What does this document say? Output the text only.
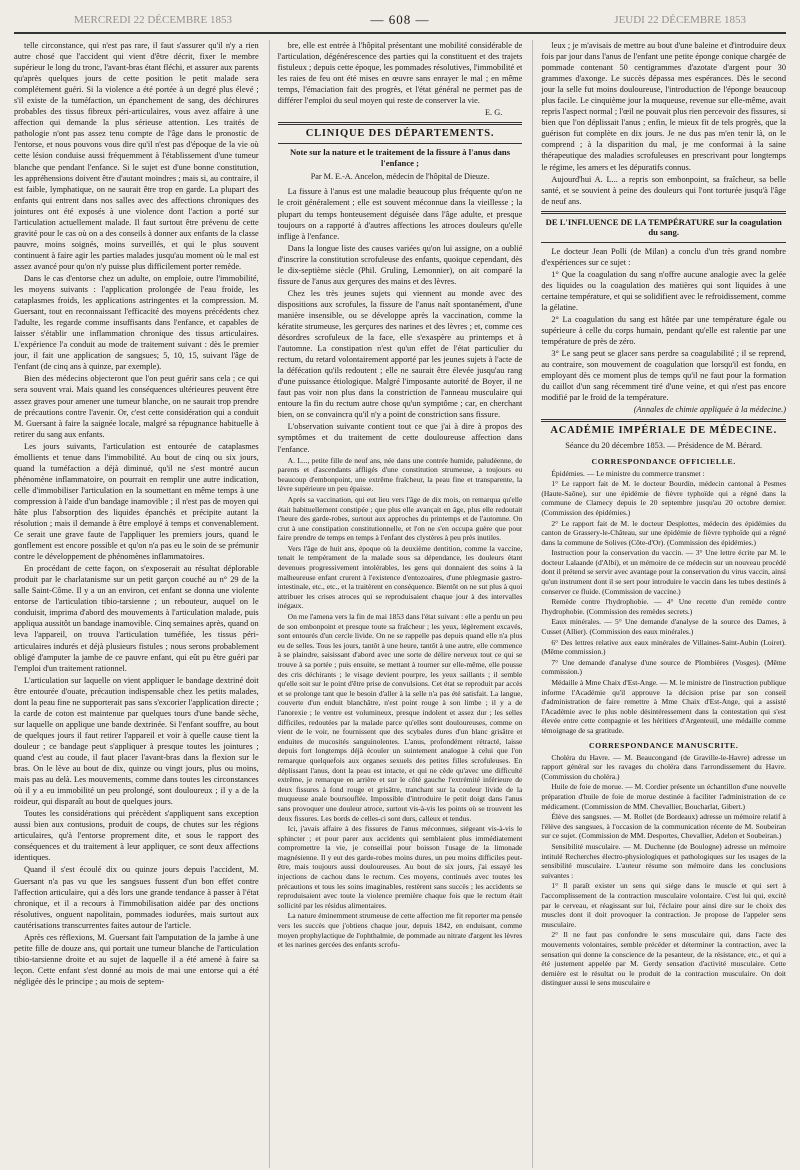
MERCREDI 22 DÉCEMBRE 1853	— 608 —	JEUDI 22 DÉCEMBRE 1853

telle circonstance, qui n'est pas rare, il faut s'assurer qu'il n'y a rien autre chosé que l'accident qui vient d'être décrit, fixer le membre supérieur le long du tronc, l'avant-bras étant fléchi, et assurer aux parents qu'après quelques jours de cette position le petit malade sera complétement guéri. Si la violence a été portée à un degré plus élevé ; s'il existe de la tuméfaction, un épanchement de sang, des déchirures probables des tissus fibreux péri-articulaires, vous avez affaire à une affection qui demande la plus sérieuse attention. Les traités de pathologie n'ont pas assez tenu compte de l'âge dans le pronostic de l'entorse, et nous pouvons vous dire qu'il n'est pas d'époque de la vie où cette lésion conduise aussi fréquemment à l'établissement d'une tumeur blanche que pendant l'enfance. Si le sujet est d'une bonne constitution, les appréhensions doivent être d'autant moindres ; mais si, au contraire, il est faible, lymphatique, on ne saurait être trop en garde. La plupart des enfants qui entrent dans nos salles avec des affections chroniques des jointures ont été exposés à une violence dont l'action a porté sur l'articulation actuellement malade. Il faut surtout être prévenu de cette gravité pour le cas où on a des conseils à donner aux enfants de la classe pauvre, moins soignés, moins surveillés, et qui le plus souvent continuent à faire agir les parties malades jusqu'au moment où le mal est assez avancé pour qu'on n'y puisse plus difficilement porter remède.

Dans le cas d'entorse chez un adulte, on emploie, outre l'immobilité, les moyens suivants : l'application prolongée de l'eau froide, les cataplasmes froids, les applications astringentes et la compression. M. Guersant, tout en reconnaissant l'efficacité des moyens précédents chez l'adulte, les regarde comme insuffisants dans l'enfance, et capables de laisser s'établir une inflammation chronique des tissus articulaires. L'expérience l'a conduit au mode de traitement suivant : dès le premier jour, il fait une application de sangsues; 5, 10, 15, suivant l'âge de l'enfant (de cinq ans à quinze, par exemple).

Bien des médecins objecteront que l'on peut guérir sans cela ; ce qui sera souvent vrai. Mais quand les conséquences ultérieures peuvent être assez graves pour amener une tumeur blanche, on ne saurait trop prendre de précautions contre l'avenir. Or, c'est cette considération qui a conduit M. Guersant à faire la saignée locale, malgré sa répugnance habituelle à retirer du sang aux enfants.

Les jours suivants, l'articulation est entourée de cataplasmes émollients et tenue dans l'immobilité. Au bout de cinq ou six jours, quand la tuméfaction a déjà diminué, qu'il ne s'est montré aucun phénomène inflammatoire, on pourrait en remplir une autre indication, celle d'immobiliser l'articulation en la soumettant en même temps à une compression à l'aide d'un bandage inamovible ; il n'est pas de moyen qui hâte plus l'absorption des liquides épanchés et précipite autant la résolution ; mais il demande à être employé à temps et convenablement. Ce serait une grave faute de l'appliquer les premiers jours, quand le gonflement est encore possible et qu'on n'a pas eu le soin de se prémunir contre le développement de phénomènes inflammatoires.

En procédant de cette façon, on s'exposerait au résultat déplorable produit par le charlatanisme sur un petit garçon couché au n° 29 de la salle Saint-Côme. Il y a un an environ, cet enfant se donna une violente entorse de l'articulation tibio-tarsienne ; un rebouteur, auquel on le conduisit, imprima d'abord des mouvements à l'articulation malade, puis appliqua aussitôt un bandage inamovible. Cinq semaines après, quand on leva l'appareil, on trouva l'articulation tuméfiée, les tissus péri-articulaires indurés et déjà plusieurs fistules ; nous serons probablement obligé d'amputer la jambe de ce pauvre enfant, qui eût pu être guéri par l'emploi d'un traitement rationnel.

L'articulation sur laquelle on vient appliquer le bandage dextriné doit être entourée d'ouate, précaution indispensable chez les petits malades, dont la peau fine ne supporterait pas sans s'excorier l'application directe ; la carde de coton est maintenue par quelques tours d'une bande sèche, sur laquelle on applique une bande dextrinée. Si l'enfant souffre, au bout de quelques jours il faut retirer l'appareil et voir à quelle cause tient la douleur ; ce bandage peut s'appliquer à presque toutes les jointures ; quand c'est au coude, il faut placer l'avant-bras dans la flexion sur le bras. On le lève au bout de dix, quinze ou vingt jours, plus ou moins, mais pas au delà. Les mouvements, comme dans toutes les circonstances où il y a eu immobilité un peu prolongé, sont douloureux ; il y a de la roideur, qui disparaît au bout de quelques jours.

Toutes les considérations qui précèdent s'appliquent sans exception aussi bien aux contusions, produit de coups, de chutes sur les régions articulaires, qu'à l'entorse proprement dite, et sous le rapport des conséquences et du traitement à leur appliquer, ce sont deux affections identiques.

Quand il s'est écoulé dix ou quinze jours depuis l'accident, M. Guersant n'a pas vu que les sangsues fussent d'un bon effet contre l'affection articulaire, qui a dès lors une grande tendance à passer à l'état chronique, et il a recours à l'immobilisation aidée par des onctions résolutives, onguent napolitain, pommades iodurées, mais surtout aux cautérisations transcurrentes faites autour de l'article.

Après ces réflexions, M. Guersant fait l'amputation de la jambe à une petite fille de douze ans, qui portait une tumeur blanche de l'articulation tibio-tarsienne droite et au sujet de laquelle il a été amené à faire sa leçon. Cette enfant s'est donné au mois de mai une entorse qui a été négligée dès le principe ; au mois de septem-

bre, elle est entrée à l'hôpital présentant une mobilité considérable de l'articulation, dégénérescence des parties qui la constituent et des trajets fistuleux ; depuis cette époque, les pommades résolutives, l'immobilité et les raies de feu ont été mises en œuvre sans enrayer le mal ; en même temps, l'émaciation fait des progrès, et l'état général ne permet pas de différer l'emploi du seul moyen qui reste de conserver la vie.

E. G.
CLINIQUE DES DÉPARTEMENTS.
Note sur la nature et le traitement de la fissure à l'anus dans l'enfance ;
Par M. E.-A. Ancelon, médecin de l'hôpital de Dieuze.

La fissure à l'anus est une maladie beaucoup plus fréquente qu'on ne le croit généralement ; elle est souvent méconnue dans la vieillesse ; la plupart du temps honteusement déguisée dans l'âge adulte, et presque toujours on a rapporté à d'autres affections les atroces douleurs qu'elle inflige à l'enfance.

Dans la longue liste des causes variées qu'on lui assigne, on a oublié d'inscrire la constitution scrofuleuse des enfants, quoique cependant, dès le dix-septième siècle (Phil. Gruling, Lemonnier), on ait comparé la fissure de l'anus aux gerçures des mains et des lèvres.

Chez les très jeunes sujets qui viennent au monde avec des dispositions aux scrofules, la fissure de l'anus naît spontanément, d'une manière insensible, ou se développe après la vaccination, comme la kératite strumeuse, les gerçures des narines et des lèvres ; et, comme ces désordres scrofuleux de la face, elle s'exaspère au printemps et à l'automne. La constipation n'est qu'un effet de l'état particulier du rectum, du retard volontairement apporté par les jeunes sujets à l'acte de la défécation qu'ils redoutent ; elle ne saurait être élevée jusqu'au rang d'une puissance étiologique. Malgré l'imposante autorité de Boyer, il ne faut pas voir non plus dans la constriction de l'anneau musculaire qui entoure la fin du rectum autre chose qu'un symptôme ; car, en cherchant bien, on se convaincra qu'il n'y a point de constriction sans fissure.

L'observation suivante contient tout ce que j'ai à dire à propos des symptômes et du traitement de cette douloureuse affection dans l'enfance.

A. L..., petite fille de neuf ans, née dans une contrée humide, paludéenne, de parents et d'ascendants affligés d'une constitution strumeuse, a toujours eu beaucoup d'embonpoint, une extrême fraîcheur, la peau fine et transparente, la lèvre supérieure un peu épaisse.

Après sa vaccination, qui eut lieu vers l'âge de dix mois, on remarqua qu'elle était habituellement constipée ; que plus elle avançait en âge, plus elle redoutait l'heure des garde-robes, surtout aux approches du printemps et de l'automne. On crut à une constipation constitutionnelle, et l'on ne s'en occupa guère que pour faire prendre de temps en temps à l'enfant des clystères à peu près inutiles.

Vers l'âge de huit ans, époque où la deuxième dentition, comme la vaccine, tenait le tempérament de la malade sous sa dépendance, les douleurs étant devenues progressivement intolérables, les gens qui donnaient des soins à la malheureuse enfant crurent à l'existence d'entozoaires, d'une phlegmasie gastro-intestinale, etc., etc., et la traitèrent en conséquence. Bientôt on ne sut plus à quoi attribuer les crises atroces qui se reproduisaient chaque jour à des intervalles inégaux.

On me l'amena vers la fin de mai 1853 dans l'état suivant : elle a perdu un peu de son embonpoint et presque toute sa fraîcheur ; les yeux, légèrement excavés, sont entourés d'un cercle livide. On ne se rappelle pas depuis quand elle n'a plus eu de selles. Tous les jours, tantôt à une heure, tantôt à une autre, elle commence à se plaindre, saisissant d'abord avec une sorte de délire nerveux tout ce qui se trouve à sa portée ; puis ensuite, se mettant à tourner sur elle-même, elle pousse des cris déchirants ; le visage devient pourpre, les yeux saillants ; il semble qu'elle soit sur le point d'être prise de convulsions. Cet état se reproduit par accès et se prolonge tant que le besoin d'aller à la selle n'a pas été satisfait. La langue, couverte d'un enduit blanchâtre, n'est point rouge à son limbe ; il y a de l'anorexie ; le ventre est volumineux, presque indolent et assez dur ; les selles difficiles, redoutées par la malade parce qu'elles sont douloureuses, comme on vient de le voir, ne fournissent que des scybales dures d'un blanc grisâtre et enduites de mucosités sanguinolentes. L'anus, profondément rétracté, laisse depuis fort longtemps déjà écouler un suintement analogue à celui que l'on remarque quelquefois aux organes sexuels des petites filles scrofuleuses. En déplissant l'anus, dont la peau est intacte, et qui ne cède qu'avec une difficulté extrême, je remarque en arrière et sur le côté gauche l'extrémité inférieure de deux fissures à fond rouge et grisâtre, tranchant sur la couleur livide de la muqueuse anale boursouflée. Impossible d'introduire le petit doigt dans l'anus sans provoquer une douleur atroce, surtout vis-à-vis les points où se trouvent les deux fissures. Les bords de celles-ci sont durs, calleux et tendus.

Ici, j'avais affaire à des fissures de l'anus méconnues, siégeant vis-à-vis le sphincter ; et pour parer aux accidents qui semblaient plus immédiatement compromettre la vie, je conseillai pour boisson l'usage de la limonade magnésienne. Il y eut des garde-robes moins dures, un peu moins difficiles peut-être, mais toujours aussi douloureuses. Au bout de six jours, j'ai essayé les injections de cachou dans le rectum. Ces moyens, continués avec toutes les précautions et tous les soins imaginables, restèrent sans succès ; les accidents se reproduisaient avec toute la violence première chaque fois que le rectum était sollicité par les résidus alimentaires.

La nature éminemment strumeuse de cette affection me fit reporter ma pensée vers les succès que j'obtiens chaque jour, depuis 1842, en enduisant, comme moyen prophylactique de l'ophthalmie, de pommade au nitrate d'argent les lèvres et les narines gercées des enfants scrofu-

leux ; je m'avisais de mettre au bout d'une baleine et d'introduire deux fois par jour dans l'anus de l'enfant une petite éponge conique chargée de pommade contenant 50 centigrammes d'azotate d'argent pour 30 grammes d'axonge. Le succès dépassa mes espérances. Dès le second jour la selle fut moins douloureuse, l'introduction de l'éponge beaucoup plus facile. Le cinquième jour la muqueuse, revenue sur elle-même, avait repris l'aspect normal ; l'œil ne pouvait plus rien percevoir des fissures, si bien que l'on déplissait l'anus ; enfin, le mieux fit de tels progrès, que la guérison fut complète en dix jours. Je ne dus pas m'en tenir là, on le comprend ; à la disparition du mal, je me conformai à la saine thérapeutique des maladies scrofuleuses en prescrivant pour longtemps le régime, les amers et les dépuratifs connus.

Aujourd'hui A. L... a repris son embonpoint, sa fraîcheur, sa belle santé, et se souvient à peine des douleurs qui l'ont torturée jusqu'à l'âge de neuf ans.

DE L'INFLUENCE DE LA TEMPÉRATURE sur la coagulation du sang.

Le docteur Jean Polli (de Milan) a conclu d'un très grand nombre d'expériences sur ce sujet :

1° Que la coagulation du sang n'offre aucune analogie avec la gelée des liquides ou la coagulation des matières qui sont liquides à une certaine température, et qui se solidifient avec le refroidissement, comme la gélatine.

2° La coagulation du sang est hâtée par une température égale ou supérieure à celle du corps humain, pendant qu'elle est ralentie par une température de près de zéro.

3° Le sang peut se glacer sans perdre sa coagulabilité ; il se reprend, au contraire, son mouvement de coagulation que lorsqu'il est fondu, en employant dès ce moment plus de temps qu'il ne faut pour la formation du caillot d'un sang récemment tiré d'une veine, et qui n'est pas encore modifié par le froid de la température.

(Annales de chimie appliquée à la médecine.)
ACADÉMIE IMPÉRIALE DE MÉDECINE.
Séance du 20 décembre 1853. — Présidence de M. Bérard.
CORRESPONDANCE OFFICIELLE.

Épidémies. — Le ministre du commerce transmet :

1° Le rapport fait de M. le docteur Bourdin, médecin cantonal à Pesmes (Haute-Saône), sur une épidémie de fièvre typhoïde qui a régné dans la commune de Clamecy depuis le 20 septembre jusqu'au 20 octobre dernier. (Commission des épidémies.)

2° Le rapport fait de M. le docteur Desplottes, médecin des épidémies du canton de Grassery-le-Château, sur une épidémie de fièvre typhoïde qui a régné dans la commune de Solives (Côte-d'Or). (Commission des épidémies.)

Instruction pour la conservation du vaccin. — 3° Une lettre écrite par M. le docteur Lalaande (d'Albi), et un mémoire de ce médecin sur un nouveau procédé dont il prétend se servir avec avantage pour la conservation du virus vaccin, ainsi qu'un instrument dont il se sert pour introduire le vaccin dans les tubes destinés à conserver ce fluide. (Commission de vaccine.)

Remède contre l'hydrophobie. — 4° Une recette d'un remède contre l'hydrophobie. (Commission des remèdes secrets.)

Eaux minérales. — 5° Une demande d'analyse de la source des Dames, à Cusset (Allier). (Commission des eaux minérales.)

6° Des lettres relative aux eaux minérales de Villaines-Saint-Aubin (Loiret). (Même commission.)

7° Une demande d'analyse d'une source de Plombières (Vosges). (Même commission.)

Médaille à Mme Chaix d'Est-Ange. — M. le ministre de l'instruction publique informe l'Académie qu'il approuve la décision prise par son conseil d'administration de faire remettre à Mme Chaix d'Est-Ange, qui a assisté l'Académie avec le plus noble désintéressement dans la contestation qui s'est élevée entre cette compagnie et les héritiers d'Argenteuil, une médaille comme témoignage de sa gratitude.

CORRESPONDANCE MANUSCRITE.

Choléra du Havre. — M. Beaucongand (de Graville-le-Havre) adresse un rapport général sur les ravages du choléra dans l'arrondissement du Havre. (Commission du choléra.)

Huile de foie de morue. — M. Cordier présente un échantillon d'une nouvelle préparation d'huile de foie de morue destinée à faciliter l'administration de ce médicament. (Commission de MM. Chevallier, Boucharlat, Gibert.)

Élève des sangsues. — M. Rollet (de Bordeaux) adresse un mémoire relatif à l'élève des sangsues, à l'occasion de la communication récente de M. Soubeiran sur ce sujet. (Commission de MM. Desportes, Chevallier, Adelon et Soubeiran.)

Sensibilité musculaire. — M. Duchenne (de Boulogne) adresse un mémoire intitulé Recherches électro-physiologiques et pathologiques sur les usages de la sensibilité musculaire. L'auteur résume son mémoire dans les conclusions suivantes :

1° Il paraît exister un sens qui siége dans le muscle et qui sert à l'accomplissement de la contraction musculaire volontaire. C'est lui qui, excité par le cerveau, et réagissant sur lui, l'éclaire pour ainsi dire sur le choix des muscles dont il doit provoquer la contraction. Je propose de l'appeler sens musculaire.

2° Il ne faut pas confondre le sens musculaire qui, dans l'acte des mouvements volontaires, semble précéder et déterminer la contraction, avec la sensation qui donne la conscience de la pesanteur, de la résistance, etc., et qui a été justement appelée par M. Gerdy sensation d'activité musculaire. Cette dernière est le résultat ou le produit de la contraction musculaire. On doit distinguer aussi le sens musculaire e
